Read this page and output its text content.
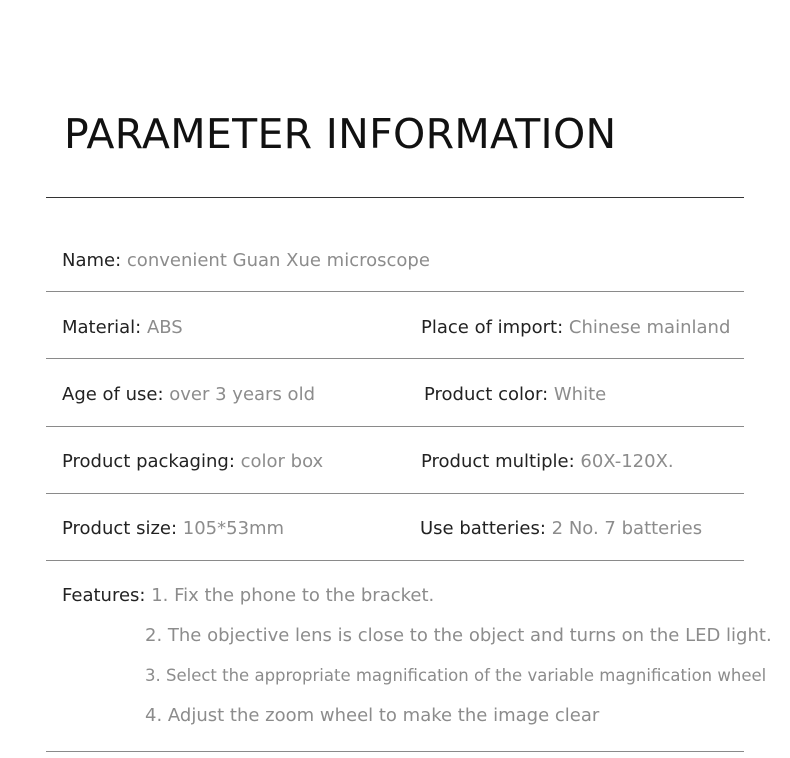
PARAMETER INFORMATION
Name: convenient Guan Xue microscope
Material: ABS	Place of import: Chinese mainland
Age of use: over 3 years old	Product color: White
Product packaging: color box	Product multiple: 60X-120X.
Product size: 105*53mm	Use batteries: 2 No. 7 batteries
Features: 1. Fix the phone to the bracket.
2. The objective lens is close to the object and turns on the LED light.
3. Select the appropriate magnification of the variable magnification wheel
4. Adjust the zoom wheel to make the image clear
